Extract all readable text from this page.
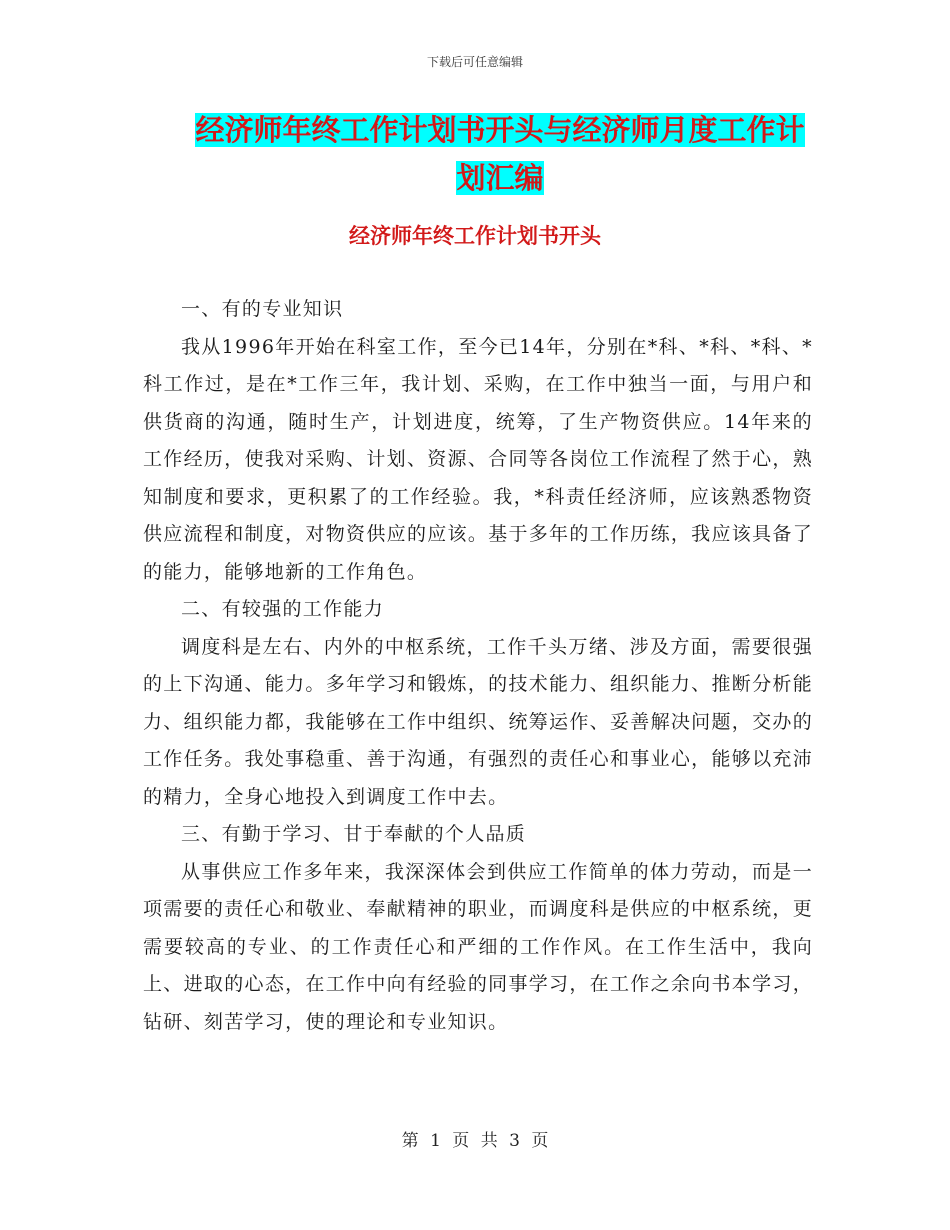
下载后可任意编辑
经济师年终工作计划书开头与经济师月度工作计划汇编
经济师年终工作计划书开头

一、有的专业知识

我从1996年开始在科室工作，至今已14年，分别在*科、*科、*科、*科工作过，是在*工作三年，我计划、采购，在工作中独当一面，与用户和供货商的沟通，随时生产，计划进度，统筹，了生产物资供应。14年来的工作经历，使我对采购、计划、资源、合同等各岗位工作流程了然于心，熟知制度和要求，更积累了的工作经验。我，*科责任经济师，应该熟悉物资供应流程和制度，对物资供应的应该。基于多年的工作历练，我应该具备了的能力，能够地新的工作角色。

二、有较强的工作能力

调度科是左右、内外的中枢系统，工作千头万绪、涉及方面，需要很强的上下沟通、能力。多年学习和锻炼，的技术能力、组织能力、推断分析能力、组织能力都，我能够在工作中组织、统筹运作、妥善解决问题，交办的工作任务。我处事稳重、善于沟通，有强烈的责任心和事业心，能够以充沛的精力，全身心地投入到调度工作中去。

三、有勤于学习、甘于奉献的个人品质

从事供应工作多年来，我深深体会到供应工作简单的体力劳动，而是一项需要的责任心和敬业、奉献精神的职业，而调度科是供应的中枢系统，更需要较高的专业、的工作责任心和严细的工作作风。在工作生活中，我向上、进取的心态，在工作中向有经验的同事学习，在工作之余向书本学习，钻研、刻苦学习，使的理论和专业知识。

第 1 页 共 3 页
